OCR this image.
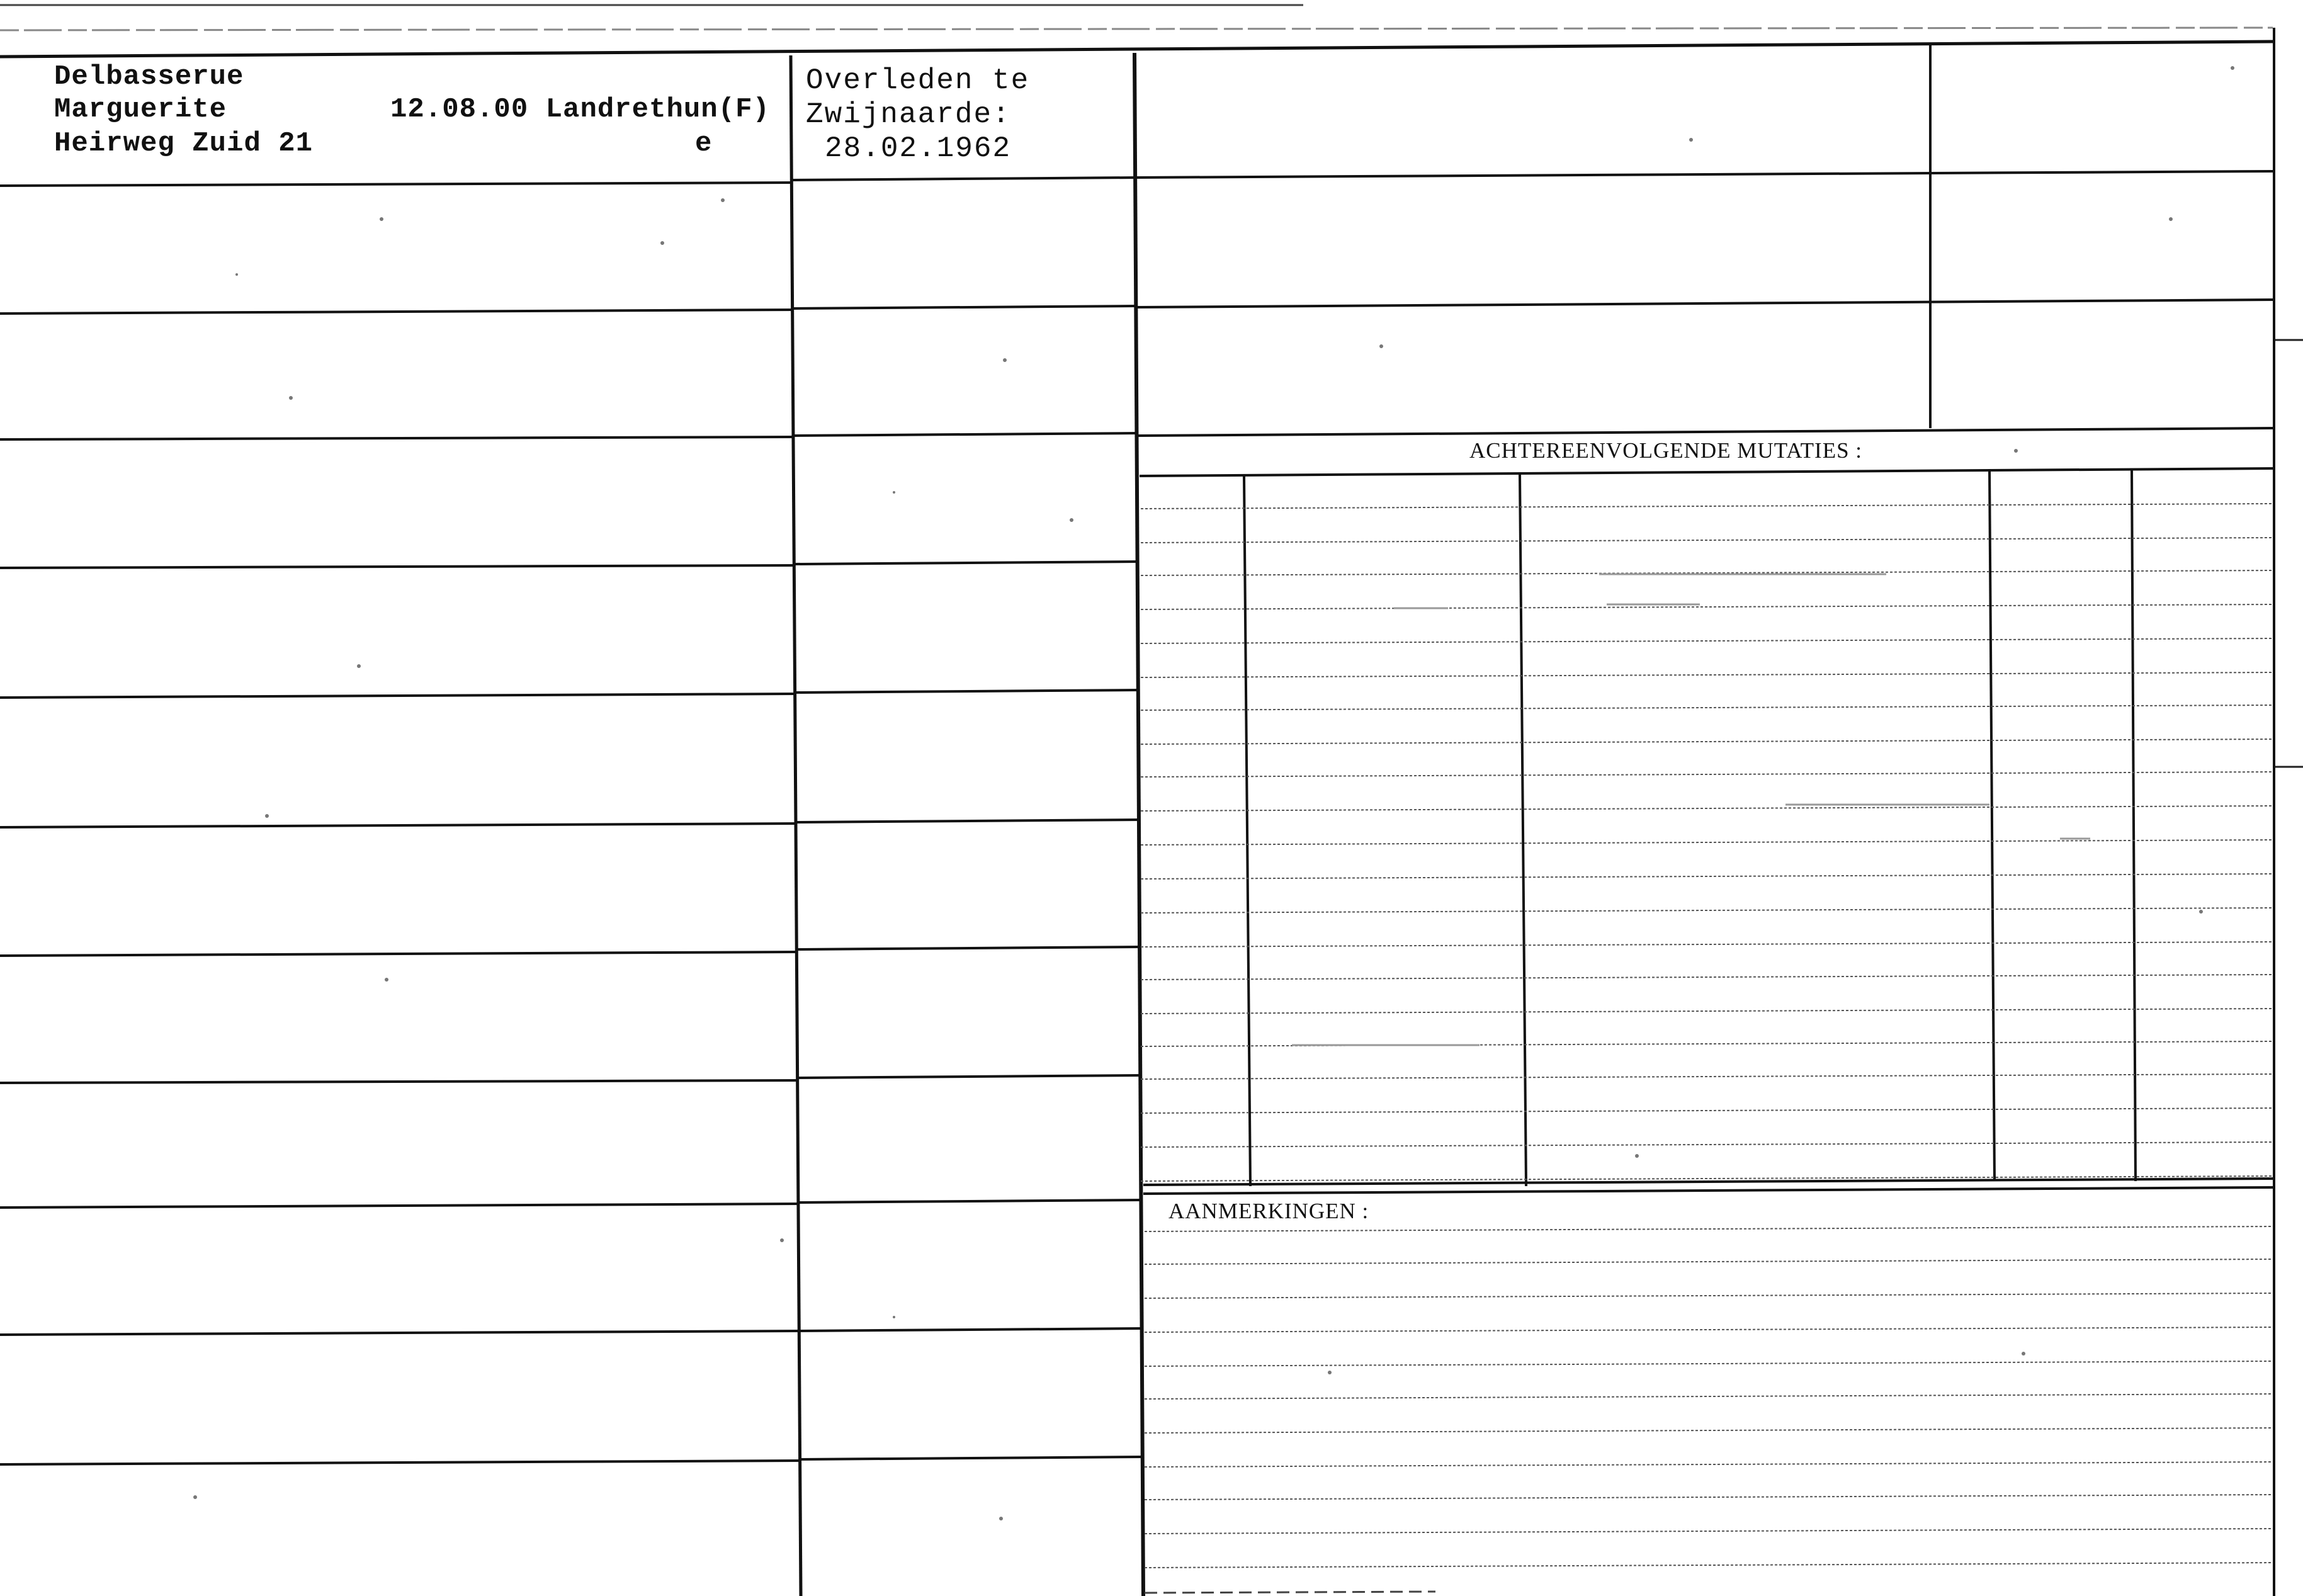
Delbasserue
Marguerite
Heirweg Zuid 21
12.08.00 Landrethun(F)
e
Overleden te
Zwijnaarde:
28.02.1962
ACHTEREENVOLGENDE MUTATIES :
AANMERKINGEN :
